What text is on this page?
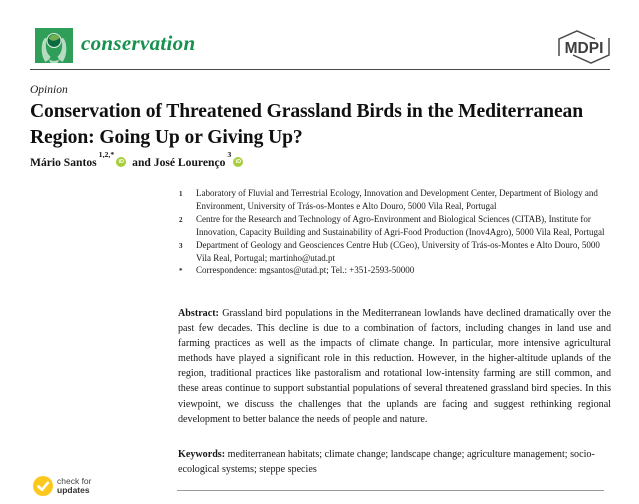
conservation	MDPI
Opinion
Conservation of Threatened Grassland Birds in the Mediterranean Region: Going Up or Giving Up?
Mário Santos$^{1,2,*}$iD and José Lourenço$^3$iD
1	Laboratory of Fluvial and Terrestrial Ecology, Innovation and Development Center, Department of Biology and Environment, University of Trás-os-Montes e Alto Douro, 5000 Vila Real, Portugal
2	Centre for the Research and Technology of Agro-Environment and Biological Sciences (CITAB), Institute for Innovation, Capacity Building and Sustainability of Agri-Food Production (Inov4Agro), 5000 Vila Real, Portugal
3	Department of Geology and Geosciences Centre Hub (CGeo), University of Trás-os-Montes e Alto Douro, 5000 Vila Real, Portugal; martinho@utad.pt
*	Correspondence: mgsantos@utad.pt; Tel.: +351-2593-50000

Abstract: Grassland bird populations in the Mediterranean lowlands have declined dramatically over the past few decades. This decline is due to a combination of factors, including changes in land use and farming practices as well as the impacts of climate change. In particular, more intensive agricultural methods have played a significant role in this reduction. However, in the higher-altitude uplands of the region, traditional practices like pastoralism and rotational low-intensity farming are still common, and these areas continue to support substantial populations of several threatened grassland bird species. In this viewpoint, we discuss the challenges that the uplands are facing and suggest rethinking regional development to better balance the needs of people and nature.

Keywords: mediterranean habitats; climate change; landscape change; agriculture management; socio-ecological systems; steppe species

check for
updates
